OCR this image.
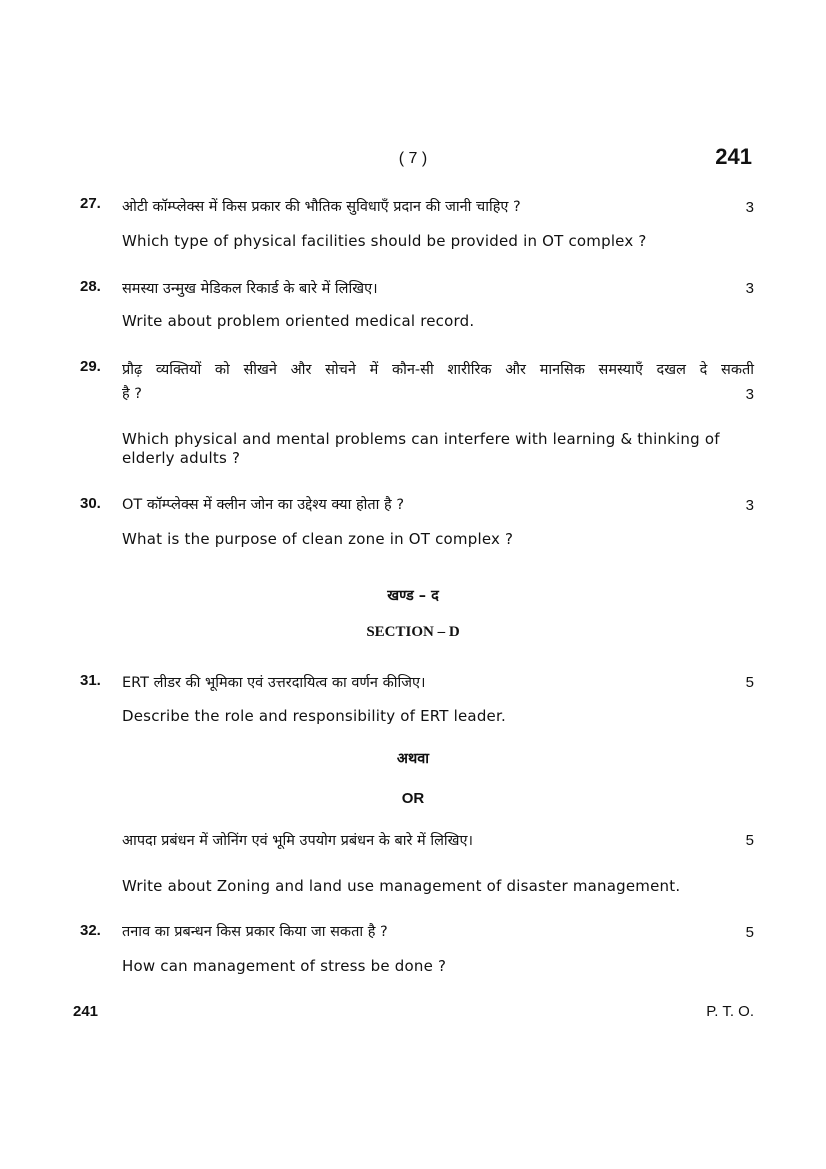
( 7 )	241
27. ओटी कॉम्प्लेक्स में किस प्रकार की भौतिक सुविधाएँ प्रदान की जानी चाहिए ?	3
Which type of physical facilities should be provided in OT complex ?
28. समस्या उन्मुख मेडिकल रिकार्ड के बारे में लिखिए।	3
Write about problem oriented medical record.
29. प्रौढ़ व्यक्तियों को सीखने और सोचने में कौन-सी शारीरिक और मानसिक समस्याएँ दखल दे सकती
है ?	3
Which physical and mental problems can interfere with learning & thinking of elderly adults ?
30. OT कॉम्प्लेक्स में क्लीन जोन का उद्देश्य क्या होता है ?	3
What is the purpose of clean zone in OT complex ?
खण्ड – द
SECTION – D
31. ERT लीडर की भूमिका एवं उत्तरदायित्व का वर्णन कीजिए।	5
Describe the role and responsibility of ERT leader.
अथवा
OR
आपदा प्रबंधन में जोनिंग एवं भूमि उपयोग प्रबंधन के बारे में लिखिए।	5
Write about Zoning and land use management of disaster management.
32. तनाव का प्रबन्धन किस प्रकार किया जा सकता है ?	5
How can management of stress be done ?
241	P. T. O.
